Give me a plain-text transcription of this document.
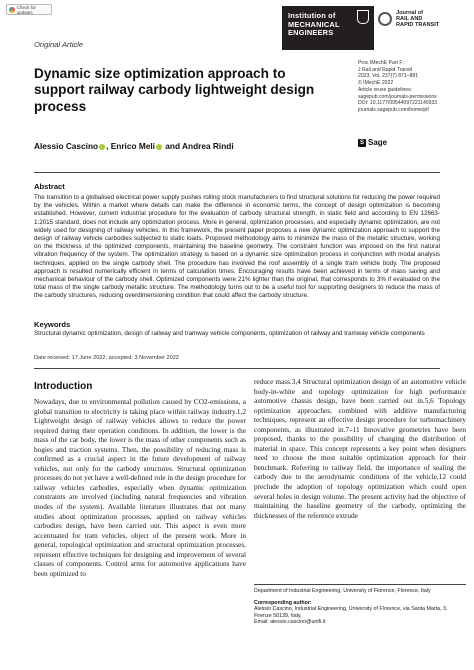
Check for updates	Institution of
MECHANICAL
ENGINEERS
Journal of
RAIL AND
RAPID TRANSIT
Original Article
Dynamic size optimization approach to support railway carbody lightweight design process
Proc IMechE Part F:
J Rail and Rapid Transit
2023, Vol. 237(7) 871–881
© IMechE 2022
Article reuse guidelines:
sagepub.com/journals-permissions
DOI: 10.1177/09544097221140933
journals.sagepub.com/home/pif
S Sage
Alessio Cascino , Enrico Meli and Andrea Rindi
Abstract
The transition to a globalised electrical power supply pushes rolling stock manufacturers to find structural solutions for reducing the power required by the vehicles. Within a market where details can make the difference in economic terms, the concept of design optimization is becoming established. However, current industrial procedure for the evaluation of carbody structural strength, in static field and according to EN 12663-1:2015 standard, does not include any optimization process. More in general, optimization processes, and especially dynamic optimization, are not widely used for designing of railway vehicles. In this framework, the present paper proposes a new dynamic optimization approach to support the design of railway vehicle carbodies subjected to static loads. Proposed methodology aims to minimize the mass of the metallic structure, working on the thickness of the optimized components, maintaining the baseline geometry. The constraint function was imposed on the first natural vibration frequency of the system. The optimization strategy is based on a dynamic size optimization process in conjunction with modal analysis techniques, applied on the single carbody shell. The procedure has involved the roof assembly of a single tram vehicle body. The proposed approach is resulted numerically efficient in terms of calculation times. Encouraging results have been achieved in terms of mass saving and mechanical behaviour of the carbody shell. Optimized components were 21% lighter than the original, that corresponds to 3% if evaluated on the total mass of the single carbody metallic structure. The methodology turns out to be a useful tool for supporting designers to reduce the mass of the carbody structures, reducing overdimensioning condition that could affect the carbody structure.
Keywords
Structural dynamic optimization, design of railway and tramway vehicle components, optimization of railway and tramway vehicle components
Date received: 17 June 2022; accepted: 3 November 2022
Introduction
Nowadays, due to environmental pollution caused by CO2-emissions, a global transition to electricity is taking place within railway industry.1,2 Lightweight design of railway vehicles allows to reduce the power required during their operation conditions. In addition, the lower is the mass of the car body, the lower is the mass of other components such as bogies and traction systems. Then, the possibility of reducing mass is confirmed as a crucial aspect in the future development of railway vehicles, not only for the carbody structures. Structural optimization processes do not yet have a well-defined role in the design procedure for railway vehicles carbodies, especially when dynamic optimization constraints are involved (including natural frequencies and vibration modes of the system). Available literature illustrates that not many studies about optimization processes, applied on railway vehicles carbodies design, have been carried out. This aspect is even more accentuated for tram vehicles, object of the present work. More in general, topological optimization and structural optimization processes, represent effective techniques for designing and improvement of several classes of components. Control arms for automotive applications have been optimized to
reduce mass.3,4 Structural optimization design of an automotive vehicle body-in-white and topology optimization for high performance automotive chassis design, have been carried out in.5,6 Topology optimization approaches, combined with additive manufacturing techniques, represent an effective design procedure for turbomachinery components, as illustrated in.7–11 Innovative geometries have been proposed, thanks to the possibility of changing the distribution of material in space. This concept represents a key point when designers need to choose the most suitable optimization approach for their benchmark. Referring to railway field, the importance of sealing the carbody due to the aerodynamic conditions of the vehicle,12 could preclude the adoption of topology optimization which could open several holes in design volume. The present activity had the objective of maintaining the baseline geometry of the carbody, optimizing the thicknesses of the reference extrude
Department of Industrial Engineering, University of Florence, Florence, Italy
Corresponding author:
Alessio Cascino, Industrial Engineering, University of Florence, via Santa Marta, 3, Firenze 50139, Italy.
Email: alessio.cascino@unifi.it
